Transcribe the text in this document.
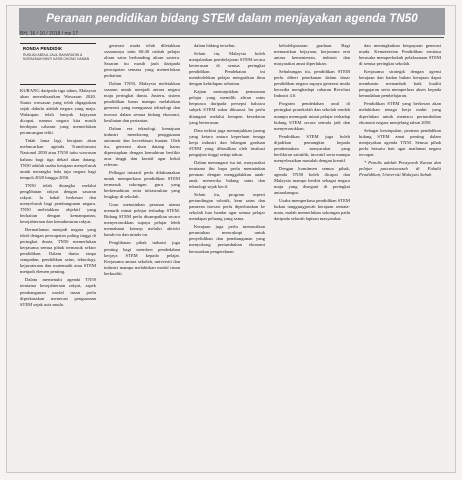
Peranan pendidikan bidang STEM dalam menjayakan agenda TN50
BH, 16 / 10 / 2018 / ms 17
RONDA PENDIDIK
RUSLAN ABDUL JALIL BAHARUDIN & NORAZMAH BINTI KATIB CHONG HAMAN

KURANG daripada tiga tahun, Malaysia akan merealisasikan Wawasan 2020. Status wawasan yang telah digagaskan sejak dahulu adalah negara yang maju. Walaupun telah banyak kejayaan dicapai, namun negara kita masih berdepan cabaran yang memerlukan perancangan teliti.

Tidak lama lagi, kerajaan akan melancarkan agenda Transformasi Nasional 2050 atau TN50 iaitu wawasan baharu bagi tiga dekad akan datang. TN50 adalah usaha kerajaan menyeluruh untuk merangka hala tuju negara bagi tempoh 2020 hingga 2050.

TN50 telah dirangka melalui penglibatan rakyat dengan sasaran rakyat. Ia bakal berkesan dan menyeluruh bagi pembangunan negara. TN50 meletakkan objektif yang berkaitan dengan kemampanan, kesejahteraan dan kemakmuran rakyat.

Bermatlamat menjadi negara yang ideal dengan pencapaian paling tinggi di peringkat dunia, TN50 memerlukan kerjasama semua pihak termasuk sektor pendidikan. Dalam dunia tanpa sempadan, pendidikan sains, teknologi, kejuruteraan dan matematik atau STEM menjadi elemen penting.

Dalam memenuhi agenda TN50 terutama kesejahteraan rakyat, aspek pembangunan modal insan perlu diperkasakan menerusi penguasaan STEM sejak usia muda.

generasi muda telah diletakkan sasarannya iaitu 60:40 nisbah pelajar aliran sains berbanding aliran sastera. Sasaran itu masih jauh daripada pencapaian semasa yang memerlukan perhatian.

Dalam TN50, Malaysia meletakkan sasaran untuk menjadi antara negara maju peringkat dunia. Justeru, sistem pendidikan harus mampu melahirkan generasi yang menguasai teknologi dan inovasi dalam semua bidang ekonomi, kesihatan dan pertanian.

Dalam era teknologi, kemajuan industri mendorong penggunaan automasi dan kecerdasan buatan. Oleh itu, generasi akan datang harus dipersiapkan dengan kemahiran berfikir aras tinggi dan kreatif agar kekal relevan.

Pelbagai inisiatif perlu dilaksanakan untuk memperkasa pendidikan STEM termasuk sokongan guru yang berkemahiran serta infrastruktur yang lengkap di sekolah.

Guru memainkan peranan utama menarik minat pelajar terhadap STEM. Bidang STEM perlu disampaikan secara menyeronokkan supaya pelajar lebih memahami konsep melalui aktiviti hands-on dan minds-on.

Penglibatan pihak industri juga penting bagi memberi pendedahan kerjaya STEM kepada pelajar. Kerjasama antara sekolah, universiti dan industri mampu melahirkan modal insan berkualiti.

dalam bidang tersebut.

Selain itu, Malaysia boleh menjalankan pembelajaran STEM secara berterusan di semua peringkat pendidikan. Pendekatan ini membolehkan pelajar mengaitkan ilmu dengan kehidupan seharian.

Kajian menunjukkan penurunan pelajar yang memilih aliran sains berpunca daripada persepsi bahawa subjek STEM sukar dikuasai. Ini perlu ditangani melalui kempen kesedaran yang berterusan.

Data terkini juga menunjukkan jurang yang ketara antara keperluan tenaga kerja industri dan bilangan graduan STEM yang dihasilkan oleh institusi pengajian tinggi setiap tahun.

Dalam menangani isu ini, masyarakat terutama ibu bapa perlu memainkan peranan dengan menggalakkan anak-anak meneroka bidang sains dan teknologi sejak kecil.

Selain itu, program seperti pertandingan robotik, kem sains dan pameran inovasi perlu diperluaskan ke sekolah luar bandar agar semua pelajar mendapat peluang yang sama.

Kerajaan juga perlu memastikan peruntukan mencukupi untuk penyelidikan dan pembangunan yang menyokong pertumbuhan ekonomi berasaskan pengetahuan.

kebolehpasaran graduan. Bagi memastikan kejayaan, kerjasama erat antara kementerian, industri dan masyarakat amat diperlukan.

Sehubungan itu, pendidikan STEM perlu diberi penekanan dalam dasar pendidikan negara supaya generasi muda bersedia menghadapi cabaran Revolusi Industri 4.0.

Program pendedahan awal di peringkat prasekolah dan sekolah rendah mampu memupuk minat pelajar terhadap bidang STEM secara semula jadi dan menyeronokkan.

Pendidikan STEM juga boleh dijadikan pemangkin kepada pembentukan masyarakat yang berfikiran saintifik, inovatif serta mampu menyelesaikan masalah dengan kreatif.

Dengan komitmen semua pihak, agenda TN50 boleh dicapai dan Malaysia mampu berdiri sebagai negara maju yang disegani di peringkat antarabangsa.

Usaha memperkasa pendidikan STEM bukan tanggungjawab kerajaan semata-mata, malah memerlukan sokongan padu daripada seluruh lapisan masyarakat.

dan meningkatkan keupayaan generasi muda. Kementerian Pendidikan sentiasa berusaha memperkukuh pelaksanaan STEM di semua peringkat sekolah.

Kerjasama strategik dengan agensi kerajaan dan badan bukan kerajaan dapat membantu menambah baik kualiti pengajaran serta memperluas akses kepada kemudahan pembelajaran.

Pendidikan STEM yang berkesan akan melahirkan tenaga kerja mahir yang diperlukan untuk memacu pertumbuhan ekonomi negara menjelang tahun 2050.

Sebagai kesimpulan, peranan pendidikan bidang STEM amat penting dalam menjayakan agenda TN50. Semua pihak perlu bersatu hati agar matlamat negara tercapai.

* Penulis adalah Pensyarah Kanan dan pelajar pascasiswazah di Fakulti Pendidikan, Universiti Malaysia Sabah
